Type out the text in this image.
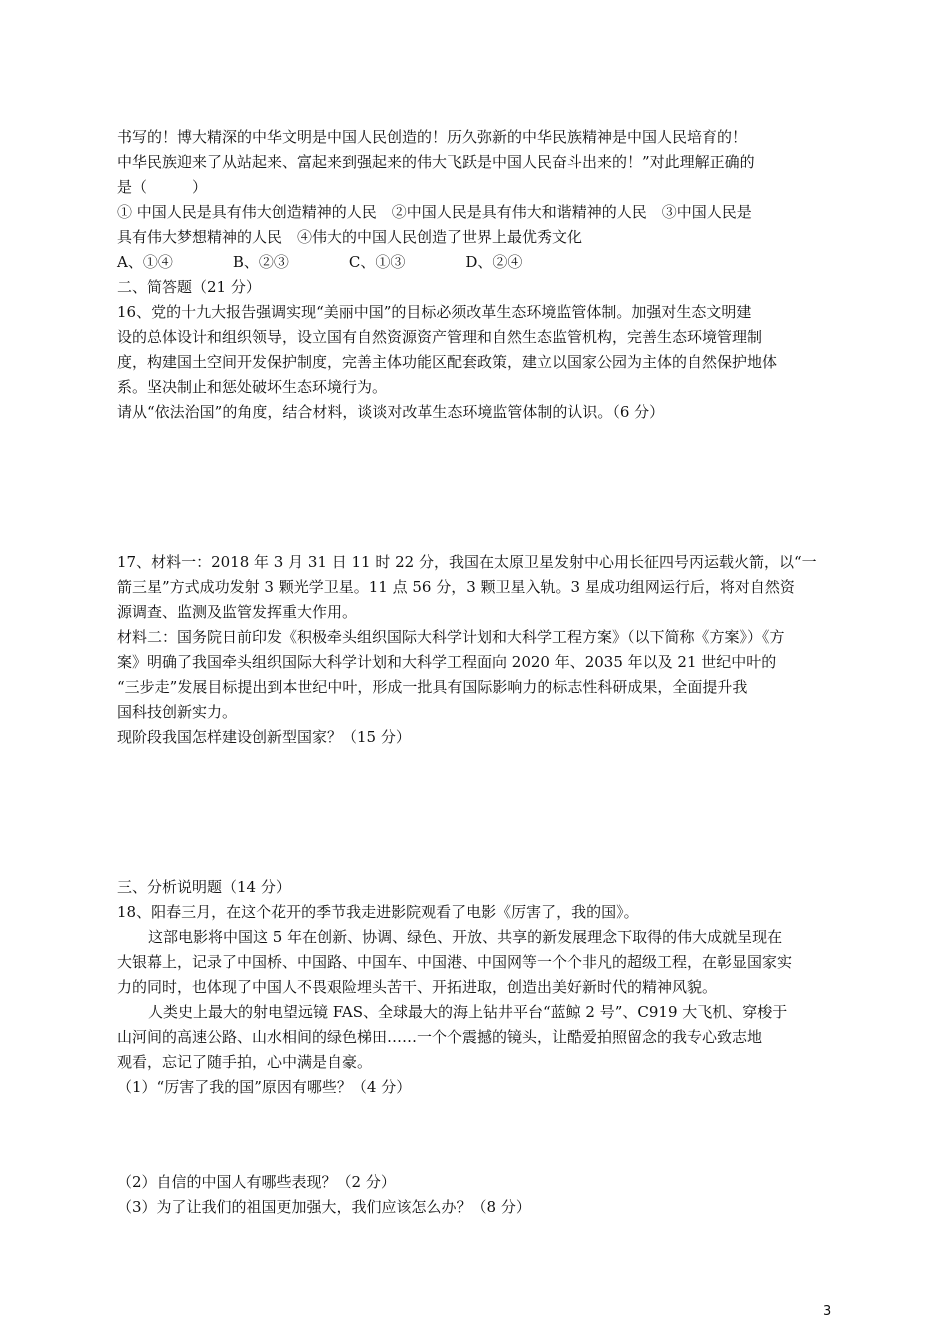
书写的！博大精深的中华文明是中国人民创造的！历久弥新的中华民族精神是中国人民培育的！
中华民族迎来了从站起来、富起来到强起来的伟大飞跃是中国人民奋斗出来的！”对此理解正确的
是（　　　）
① 中国人民是具有伟大创造精神的人民　②中国人民是具有伟大和谐精神的人民　③中国人民是
具有伟大梦想精神的人民　④伟大的中国人民创造了世界上最优秀文化
A、①④　　　　B、②③　　　　C、①③　　　　D、②④
二、简答题（21 分）
16、党的十九大报告强调实现“美丽中国”的目标必须改革生态环境监管体制。加强对生态文明建
设的总体设计和组织领导，设立国有自然资源资产管理和自然生态监管机构，完善生态环境管理制
度，构建国土空间开发保护制度，完善主体功能区配套政策，建立以国家公园为主体的自然保护地体
系。坚决制止和惩处破坏生态环境行为。
请从“依法治国”的角度，结合材料，谈谈对改革生态环境监管体制的认识。（6 分）
17、材料一：2018 年 3 月 31 日 11 时 22 分，我国在太原卫星发射中心用长征四号丙运载火箭，以“一
箭三星”方式成功发射 3 颗光学卫星。11 点 56 分，3 颗卫星入轨。3 星成功组网运行后，将对自然资
源调查、监测及监管发挥重大作用。
材料二：国务院日前印发《积极牵头组织国际大科学计划和大科学工程方案》（以下简称《方案》）《方
案》明确了我国牵头组织国际大科学计划和大科学工程面向 2020 年、2035 年以及 21 世纪中叶的
“三步走”发展目标提出到本世纪中叶，形成一批具有国际影响力的标志性科研成果，全面提升我
国科技创新实力。
现阶段我国怎样建设创新型国家？（15 分）
三、分析说明题（14 分）
18、阳春三月，在这个花开的季节我走进影院观看了电影《厉害了，我的国》。
这部电影将中国这 5 年在创新、协调、绿色、开放、共享的新发展理念下取得的伟大成就呈现在
大银幕上，记录了中国桥、中国路、中国车、中国港、中国网等一个个非凡的超级工程，在彰显国家实
力的同时，也体现了中国人不畏艰险埋头苦干、开拓进取，创造出美好新时代的精神风貌。
人类史上最大的射电望远镜 FAS、全球最大的海上钻井平台“蓝鲸 2 号”、C919 大飞机、穿梭于
山河间的高速公路、山水相间的绿色梯田……一个个震撼的镜头，让酷爱拍照留念的我专心致志地
观看，忘记了随手拍，心中满是自豪。
（1）“厉害了我的国”原因有哪些？（4 分）
（2）自信的中国人有哪些表现？（2 分）
（3）为了让我们的祖国更加强大，我们应该怎么办？（8 分）
3
